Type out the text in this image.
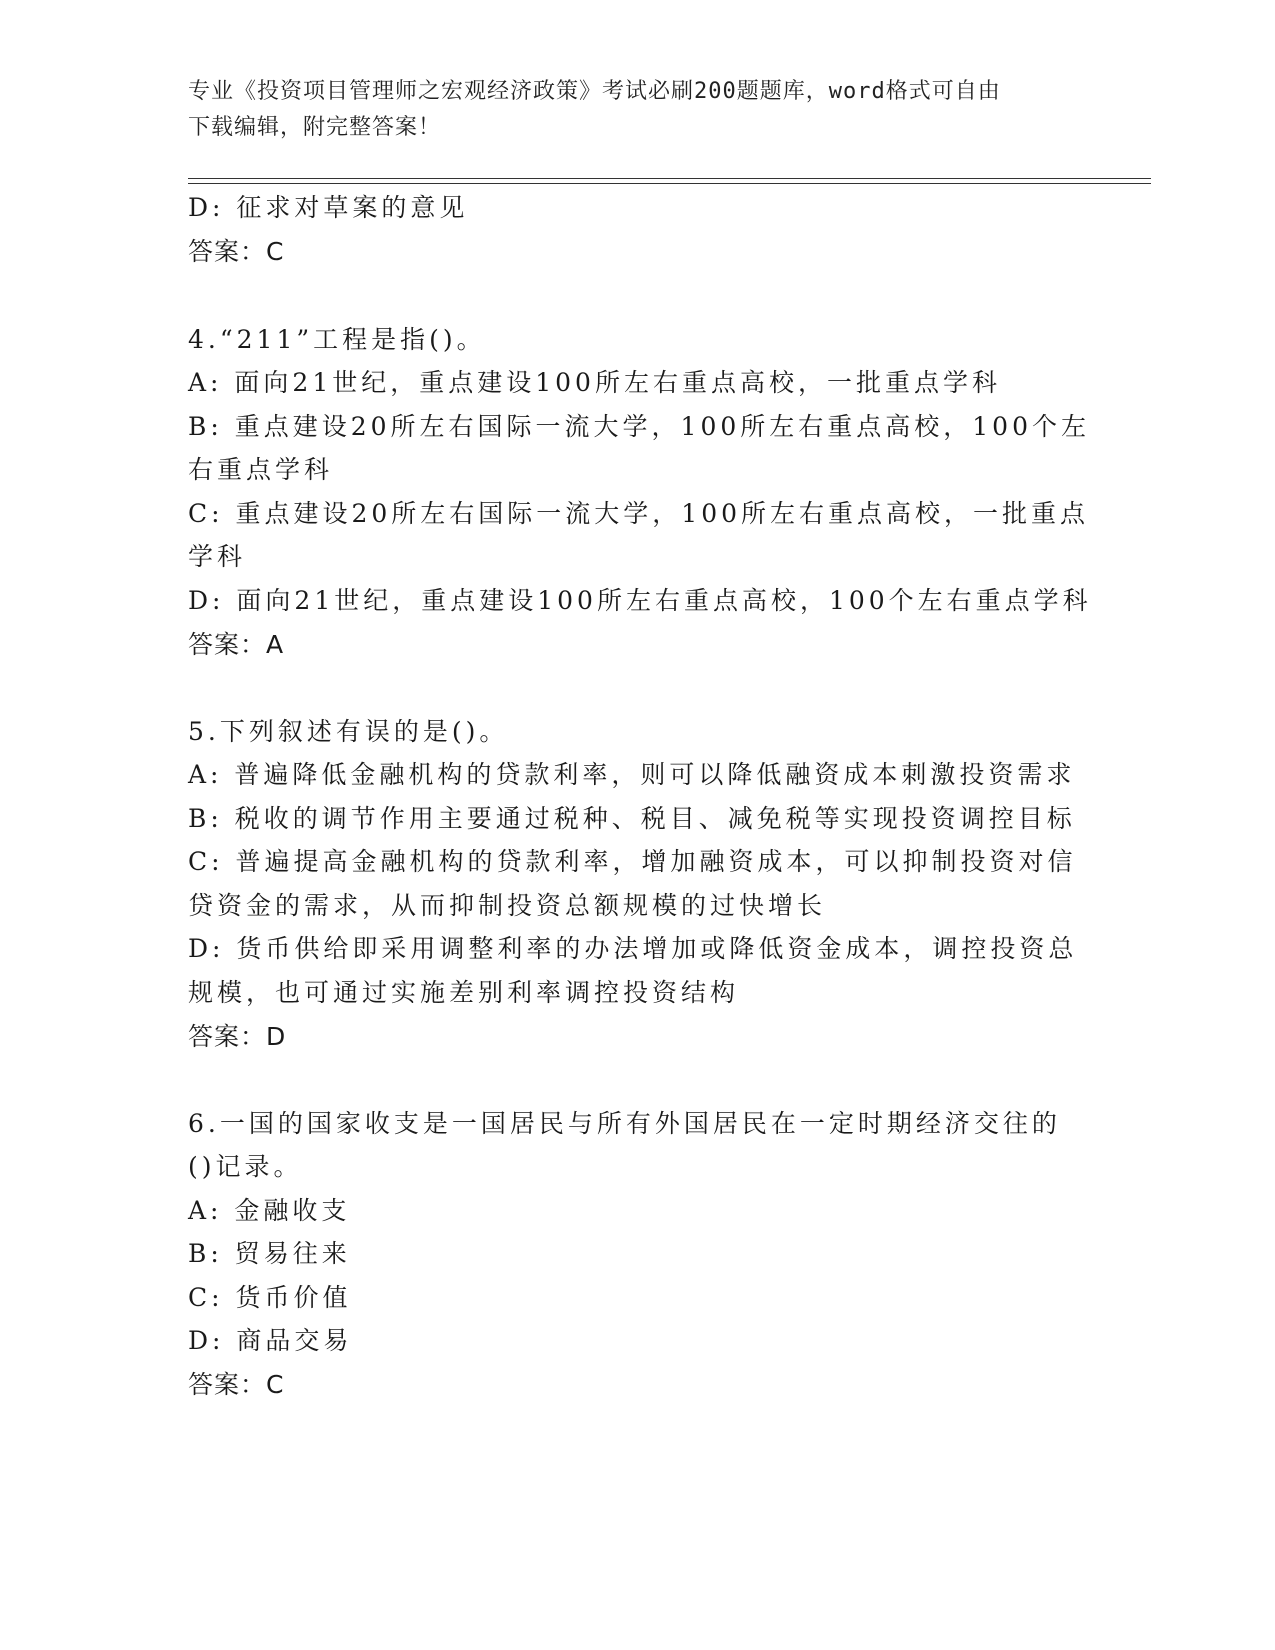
专业《投资项目管理师之宏观经济政策》考试必刷200题题库，word格式可自由
下载编辑，附完整答案！
D: 征求对草案的意见
答案：C
4.“211”工程是指()。
A: 面向21世纪，重点建设100所左右重点高校，一批重点学科
B: 重点建设20所左右国际一流大学，100所左右重点高校，100个左
右重点学科
C: 重点建设20所左右国际一流大学，100所左右重点高校，一批重点
学科
D: 面向21世纪，重点建设100所左右重点高校，100个左右重点学科
答案：A
5.下列叙述有误的是()。
A: 普遍降低金融机构的贷款利率，则可以降低融资成本刺激投资需求
B: 税收的调节作用主要通过税种、税目、减免税等实现投资调控目标
C: 普遍提高金融机构的贷款利率，增加融资成本，可以抑制投资对信
贷资金的需求，从而抑制投资总额规模的过快增长
D: 货币供给即采用调整利率的办法增加或降低资金成本，调控投资总
规模，也可通过实施差别利率调控投资结构
答案：D
6.一国的国家收支是一国居民与所有外国居民在一定时期经济交往的
()记录。
A: 金融收支
B: 贸易往来
C: 货币价值
D: 商品交易
答案：C
